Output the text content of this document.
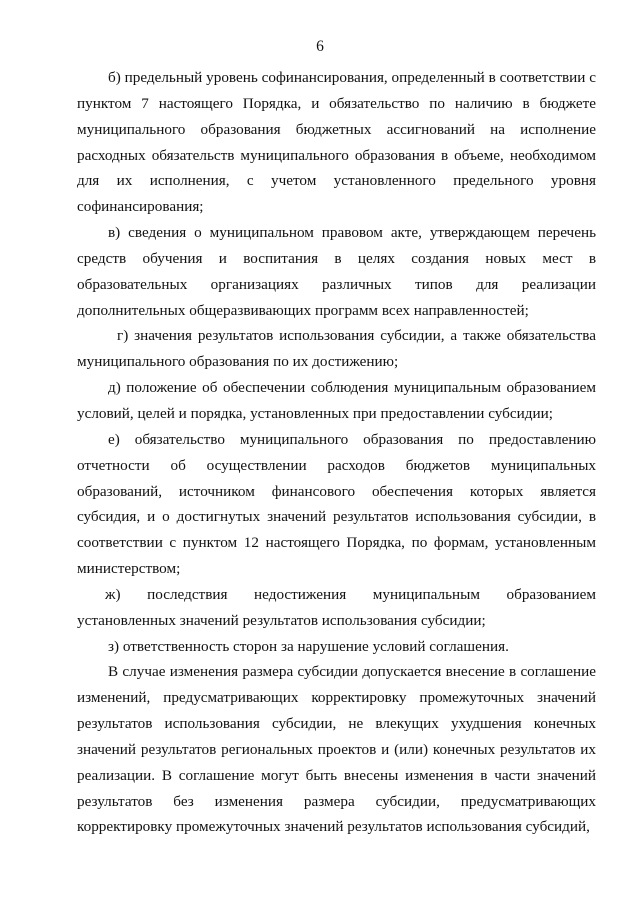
6

б) предельный уровень софинансирования, определенный в соответствии с пунктом 7 настоящего Порядка, и обязательство по наличию в бюджете муниципального образования бюджетных ассигнований на исполнение расходных обязательств муниципального образования в объеме, необходимом для их исполнения, с учетом установленного предельного уровня софинансирования;

в) сведения о муниципальном правовом акте, утверждающем перечень средств обучения и воспитания в целях создания новых мест в образовательных организациях различных типов для реализации дополнительных общеразвивающих программ всех направленностей;

г) значения результатов использования субсидии, а также обязательства муниципального образования по их достижению;

д) положение об обеспечении соблюдения муниципальным образованием условий, целей и порядка, установленных при предоставлении субсидии;

е) обязательство муниципального образования по предоставлению отчетности об осуществлении расходов бюджетов муниципальных образований, источником финансового обеспечения которых является субсидия, и о достигнутых значений результатов использования субсидии, в соответствии с пунктом 12 настоящего Порядка, по формам, установленным министерством;

ж) последствия недостижения муниципальным образованием установленных значений результатов использования субсидии;

з) ответственность сторон за нарушение условий соглашения.

В случае изменения размера субсидии допускается внесение в соглашение изменений, предусматривающих корректировку промежуточных значений результатов использования субсидии, не влекущих ухудшения конечных значений результатов региональных проектов и (или) конечных результатов их реализации. В соглашение могут быть внесены изменения в части значений результатов без изменения размера субсидии, предусматривающих корректировку промежуточных значений результатов использования субсидий,
